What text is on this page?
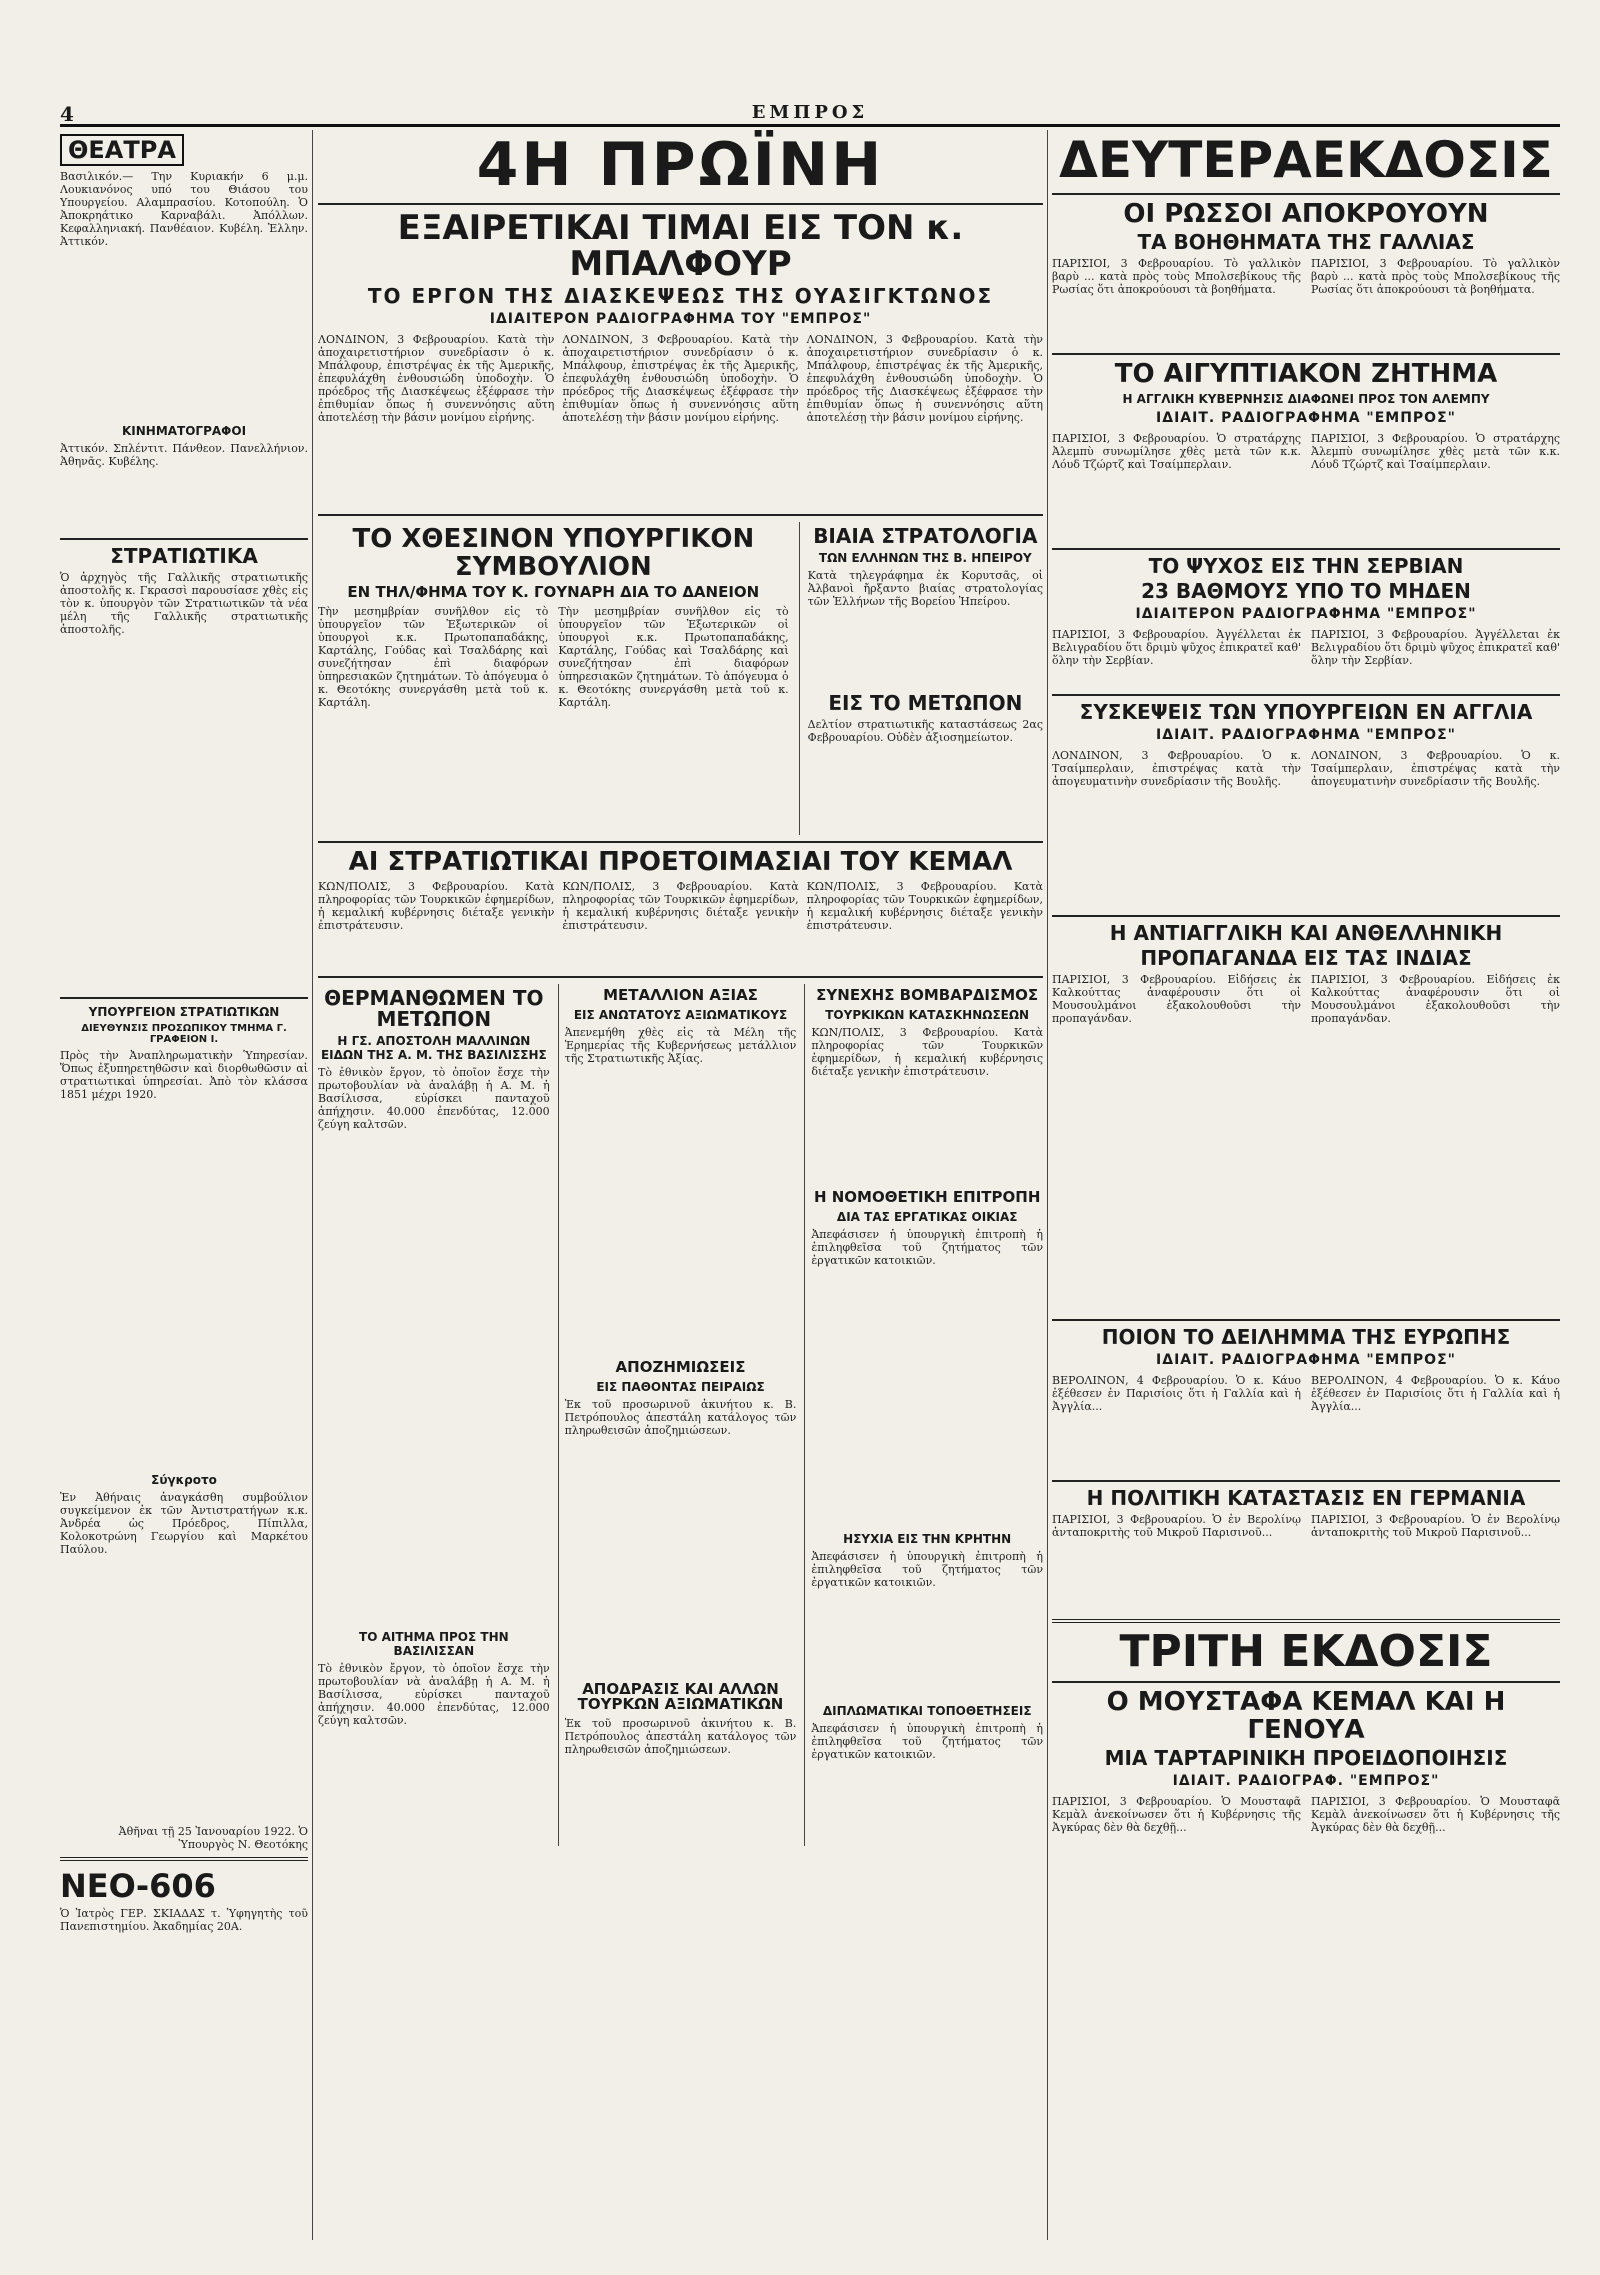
4	ΕΜΠΡΟΣ
ΘΕΑΤΡΑ

Βασιλικόν.— Την Κυριακήν 6 μ.μ. Λουκιανόνος υπό του Θιάσου του Υπουργείου. Αλαμπρασίου. Κοτοπούλη. Ὁ Ἀποκρηάτικο Καρναβάλι. Ἀπόλλων. Κεφαλληνιακή. Πανθέαιον. Κυβέλη. Ἐλλην. Ἀττικόν.

ΚΙΝΗΜΑΤΟΓΡΑΦΟΙ

Ἀττικόν. Σπλέντιτ. Πάνθεον. Πανελλήνιον. Ἀθηνᾶς. Κυβέλης.

ΣΤΡΑΤΙΩΤΙΚΑ

Ὁ ἀρχηγὸς τῆς Γαλλικῆς στρατιωτικῆς ἀποστολῆς κ. Γκρασσὶ παρουσίασε χθὲς εἰς τὸν κ. ὑπουργὸν τῶν Στρατιωτικῶν τὰ νέα μέλη τῆς Γαλλικῆς στρατιωτικῆς ἀποστολῆς.

ΥΠΟΥΡΓΕΙΟΝ ΣΤΡΑΤΙΩΤΙΚΩΝ
ΔΙΕΥΘΥΝΣΙΣ ΠΡΟΣΩΠΙΚΟΥ ΤΜΗΜΑ Γ. ΓΡΑΦΕΙΟΝ Ι.

Πρὸς τὴν Ἀναπληρωματικὴν Ὑπηρεσίαν. Ὅπως ἐξυπηρετηθῶσιν καὶ διορθωθῶσιν αἱ στρατιωτικαὶ ὑπηρεσίαι. Ἀπὸ τὸν κλάσσα 1851 μέχρι 1920.

Σύγκροτο

Ἐν Ἀθήναις ἀναγκάσθη συμβούλιον συγκείμενον ἐκ τῶν Ἀντιστρατήγων κ.κ. Ἀνδρέα ὡς Πρόεδρος, Πίπιλλα, Κολοκοτρώνη Γεωργίου καὶ Μαρκέτου Παύλου.

Ἀθῆναι τῇ 25 Ἰανουαρίου 1922. Ὁ Ὑπουργὸς Ν. Θεοτόκης

ΝΕΟ-606

Ὁ Ἰατρὸς ΓΕΡ. ΣΚΙΑΔΑΣ τ. Ὑφηγητὴς τοῦ Πανεπιστημίου. Ἀκαδημίας 20Α.

4Η ΠΡΩΪΝΗ
ΕΞΑΙΡΕΤΙΚΑΙ ΤΙΜΑΙ ΕΙΣ ΤΟΝ κ. ΜΠΑΛΦΟΥΡ
ΤΟ ΕΡΓΟΝ ΤΗΣ ΔΙΑΣΚΕΨΕΩΣ ΤΗΣ ΟΥΑΣΙΓΚΤΩΝΟΣ
ΙΔΙΑΙΤΕΡΟΝ ΡΑΔΙΟΓΡΑΦΗΜΑ ΤΟΥ "ΕΜΠΡΟΣ"

ΛΟΝΔΙΝΟΝ, 3 Φεβρουαρίου. Κατὰ τὴν ἀποχαιρετιστήριον συνεδρίασιν ὁ κ. Μπάλφουρ, ἐπιστρέψας ἐκ τῆς Ἀμερικῆς, ἐπεφυλάχθη ἐνθουσιώδη ὑποδοχὴν. Ὁ πρόεδρος τῆς Διασκέψεως ἐξέφρασε τὴν ἐπιθυμίαν ὅπως ἡ συνεννόησις αὕτη ἀποτελέσῃ τὴν βάσιν μονίμου εἰρήνης.

ΛΟΝΔΙΝΟΝ, 3 Φεβρουαρίου. Κατὰ τὴν ἀποχαιρετιστήριον συνεδρίασιν ὁ κ. Μπάλφουρ, ἐπιστρέψας ἐκ τῆς Ἀμερικῆς, ἐπεφυλάχθη ἐνθουσιώδη ὑποδοχὴν. Ὁ πρόεδρος τῆς Διασκέψεως ἐξέφρασε τὴν ἐπιθυμίαν ὅπως ἡ συνεννόησις αὕτη ἀποτελέσῃ τὴν βάσιν μονίμου εἰρήνης.

ΛΟΝΔΙΝΟΝ, 3 Φεβρουαρίου. Κατὰ τὴν ἀποχαιρετιστήριον συνεδρίασιν ὁ κ. Μπάλφουρ, ἐπιστρέψας ἐκ τῆς Ἀμερικῆς, ἐπεφυλάχθη ἐνθουσιώδη ὑποδοχὴν. Ὁ πρόεδρος τῆς Διασκέψεως ἐξέφρασε τὴν ἐπιθυμίαν ὅπως ἡ συνεννόησις αὕτη ἀποτελέσῃ τὴν βάσιν μονίμου εἰρήνης.

ΤΟ ΧΘΕΣΙΝΟΝ ΥΠΟΥΡΓΙΚΟΝ ΣΥΜΒΟΥΛΙΟΝ
ΕΝ ΤΗΛ/ΦΗΜΑ ΤΟΥ Κ. ΓΟΥΝΑΡΗ ΔΙΑ ΤΟ ΔΑΝΕΙΟΝ

Τὴν μεσημβρίαν συνῆλθον εἰς τὸ ὑπουργεῖον τῶν Ἐξωτερικῶν οἱ ὑπουργοὶ κ.κ. Πρωτοπαπαδάκης, Καρτάλης, Γούδας καὶ Τσαλδάρης καὶ συνεζήτησαν ἐπὶ διαφόρων ὑπηρεσιακῶν ζητημάτων. Τὸ ἀπόγευμα ὁ κ. Θεοτόκης συνεργάσθη μετὰ τοῦ κ. Καρτάλη.

Τὴν μεσημβρίαν συνῆλθον εἰς τὸ ὑπουργεῖον τῶν Ἐξωτερικῶν οἱ ὑπουργοὶ κ.κ. Πρωτοπαπαδάκης, Καρτάλης, Γούδας καὶ Τσαλδάρης καὶ συνεζήτησαν ἐπὶ διαφόρων ὑπηρεσιακῶν ζητημάτων. Τὸ ἀπόγευμα ὁ κ. Θεοτόκης συνεργάσθη μετὰ τοῦ κ. Καρτάλη.

ΒΙΑΙΑ ΣΤΡΑΤΟΛΟΓΙΑ
ΤΩΝ ΕΛΛΗΝΩΝ ΤΗΣ Β. ΗΠΕΙΡΟΥ

Κατὰ τηλεγράφημα ἐκ Κορυτσᾶς, οἱ Ἀλβανοὶ ἤρξαντο βιαίας στρατολογίας τῶν Ἑλλήνων τῆς Βορείου Ἠπείρου.

ΕΙΣ ΤΟ ΜΕΤΩΠΟΝ

Δελτίον στρατιωτικῆς καταστάσεως 2ας Φεβρουαρίου. Οὐδὲν ἀξιοσημείωτον.

ΑΙ ΣΤΡΑΤΙΩΤΙΚΑΙ ΠΡΟΕΤΟΙΜΑΣΙΑΙ ΤΟΥ ΚΕΜΑΛ

ΚΩΝ/ΠΟΛΙΣ, 3 Φεβρουαρίου. Κατὰ πληροφορίας τῶν Τουρκικῶν ἐφημερίδων, ἡ κεμαλική κυβέρνησις διέταξε γενικὴν ἐπιστράτευσιν.

ΚΩΝ/ΠΟΛΙΣ, 3 Φεβρουαρίου. Κατὰ πληροφορίας τῶν Τουρκικῶν ἐφημερίδων, ἡ κεμαλική κυβέρνησις διέταξε γενικὴν ἐπιστράτευσιν.

ΚΩΝ/ΠΟΛΙΣ, 3 Φεβρουαρίου. Κατὰ πληροφορίας τῶν Τουρκικῶν ἐφημερίδων, ἡ κεμαλική κυβέρνησις διέταξε γενικὴν ἐπιστράτευσιν.

ΘΕΡΜΑΝΘΩΜΕΝ ΤΟ ΜΕΤΩΠΟΝ
Η ΓΣ. ΑΠΟΣΤΟΛΗ ΜΑΛΛΙΝΩΝ ΕΙΔΩΝ ΤΗΣ Α. Μ. ΤΗΣ ΒΑΣΙΛΙΣΣΗΣ

Τὸ ἐθνικὸν ἔργον, τὸ ὁποῖον ἔσχε τὴν πρωτοβουλίαν νὰ ἀναλάβῃ ἡ Α. Μ. ἡ Βασίλισσα, εὑρίσκει πανταχοῦ ἀπήχησιν. 40.000 ἐπενδύτας, 12.000 ζεύγη καλτσῶν.

ΤΟ ΑΙΤΗΜΑ ΠΡΟΣ ΤΗΝ ΒΑΣΙΛΙΣΣΑΝ

Τὸ ἐθνικὸν ἔργον, τὸ ὁποῖον ἔσχε τὴν πρωτοβουλίαν νὰ ἀναλάβῃ ἡ Α. Μ. ἡ Βασίλισσα, εὑρίσκει πανταχοῦ ἀπήχησιν. 40.000 ἐπενδύτας, 12.000 ζεύγη καλτσῶν.

ΜΕΤΑΛΛΙΟΝ ΑΞΙΑΣ
ΕΙΣ ΑΝΩΤΑΤΟΥΣ ΑΞΙΩΜΑΤΙΚΟΥΣ

Ἀπενεμήθη χθὲς εἰς τὰ Μέλη τῆς Ἐρημερίας τῆς Κυβερνήσεως μετάλλιον τῆς Στρατιωτικῆς Ἀξίας.

ΑΠΟΖΗΜΙΩΣΕΙΣ
ΕΙΣ ΠΑΘΟΝΤΑΣ ΠΕΙΡΑΙΩΣ

Ἐκ τοῦ προσωρινοῦ ἀκινήτου κ. Β. Πετρόπουλος ἀπεστάλη κατάλογος τῶν πληρωθεισῶν ἀποζημιώσεων.

ΑΠΟΔΡΑΣΙΣ ΚΑΙ ΑΛΛΩΝ ΤΟΥΡΚΩΝ ΑΞΙΩΜΑΤΙΚΩΝ

Ἐκ τοῦ προσωρινοῦ ἀκινήτου κ. Β. Πετρόπουλος ἀπεστάλη κατάλογος τῶν πληρωθεισῶν ἀποζημιώσεων.

ΣΥΝΕΧΗΣ ΒΟΜΒΑΡΔΙΣΜΟΣ
ΤΟΥΡΚΙΚΩΝ ΚΑΤΑΣΚΗΝΩΣΕΩΝ

ΚΩΝ/ΠΟΛΙΣ, 3 Φεβρουαρίου. Κατὰ πληροφορίας τῶν Τουρκικῶν ἐφημερίδων, ἡ κεμαλική κυβέρνησις διέταξε γενικὴν ἐπιστράτευσιν.

Η ΝΟΜΟΘΕΤΙΚΗ ΕΠΙΤΡΟΠΗ
ΔΙΑ ΤΑΣ ΕΡΓΑΤΙΚΑΣ ΟΙΚΙΑΣ

Ἀπεφάσισεν ἡ ὑπουργικὴ ἐπιτροπὴ ἡ ἐπιληφθεῖσα τοῦ ζητήματος τῶν ἐργατικῶν κατοικιῶν.

ΗΣΥΧΙΑ ΕΙΣ ΤΗΝ ΚΡΗΤΗΝ

Ἀπεφάσισεν ἡ ὑπουργικὴ ἐπιτροπὴ ἡ ἐπιληφθεῖσα τοῦ ζητήματος τῶν ἐργατικῶν κατοικιῶν.

ΔΙΠΛΩΜΑΤΙΚΑΙ ΤΟΠΟΘΕΤΗΣΕΙΣ

Ἀπεφάσισεν ἡ ὑπουργικὴ ἐπιτροπὴ ἡ ἐπιληφθεῖσα τοῦ ζητήματος τῶν ἐργατικῶν κατοικιῶν.

ΔΕΥΤΕΡΑΕΚΔΟΣΙΣ
ΟΙ ΡΩΣΣΟΙ ΑΠΟΚΡΟΥΟΥΝ
ΤΑ ΒΟΗΘΗΜΑΤΑ ΤΗΣ ΓΑΛΛΙΑΣ

ΠΑΡΙΣΙΟΙ, 3 Φεβρουαρίου. Τὸ γαλλικὸν βαρὺ ... κατὰ πρὸς τοὺς Μπολσεβίκους τῆς Ρωσίας ὅτι ἀποκρούουσι τὰ βοηθήματα.

ΠΑΡΙΣΙΟΙ, 3 Φεβρουαρίου. Τὸ γαλλικὸν βαρὺ ... κατὰ πρὸς τοὺς Μπολσεβίκους τῆς Ρωσίας ὅτι ἀποκρούουσι τὰ βοηθήματα.

ΤΟ ΑΙΓΥΠΤΙΑΚΟΝ ΖΗΤΗΜΑ
Η ΑΓΓΛΙΚΗ ΚΥΒΕΡΝΗΣΙΣ ΔΙΑΦΩΝΕΙ ΠΡΟΣ ΤΟΝ ΑΛΕΜΠΥ
ΙΔΙΑΙΤ. ΡΑΔΙΟΓΡΑΦΗΜΑ "ΕΜΠΡΟΣ"

ΠΑΡΙΣΙΟΙ, 3 Φεβρουαρίου. Ὁ στρατάρχης Ἀλεμπὺ συνωμίλησε χθὲς μετὰ τῶν κ.κ. Λόυδ Τζώρτζ καὶ Τσαίμπερλαιν.

ΠΑΡΙΣΙΟΙ, 3 Φεβρουαρίου. Ὁ στρατάρχης Ἀλεμπὺ συνωμίλησε χθὲς μετὰ τῶν κ.κ. Λόυδ Τζώρτζ καὶ Τσαίμπερλαιν.

ΤΟ ΨΥΧΟΣ ΕΙΣ ΤΗΝ ΣΕΡΒΙΑΝ
23 ΒΑΘΜΟΥΣ ΥΠΟ ΤΟ ΜΗΔΕΝ
ΙΔΙΑΙΤΕΡΟΝ ΡΑΔΙΟΓΡΑΦΗΜΑ "ΕΜΠΡΟΣ"

ΠΑΡΙΣΙΟΙ, 3 Φεβρουαρίου. Ἀγγέλλεται ἐκ Βελιγραδίου ὅτι δριμὺ ψῦχος ἐπικρατεῖ καθ' ὅλην τὴν Σερβίαν.

ΠΑΡΙΣΙΟΙ, 3 Φεβρουαρίου. Ἀγγέλλεται ἐκ Βελιγραδίου ὅτι δριμὺ ψῦχος ἐπικρατεῖ καθ' ὅλην τὴν Σερβίαν.

ΣΥΣΚΕΨΕΙΣ ΤΩΝ ΥΠΟΥΡΓΕΙΩΝ ΕΝ ΑΓΓΛΙΑ
ΙΔΙΑΙΤ. ΡΑΔΙΟΓΡΑΦΗΜΑ "ΕΜΠΡΟΣ"

ΛΟΝΔΙΝΟΝ, 3 Φεβρουαρίου. Ὁ κ. Τσαίμπερλαιν, ἐπιστρέψας κατὰ τὴν ἀπογευματινὴν συνεδρίασιν τῆς Βουλῆς.

ΛΟΝΔΙΝΟΝ, 3 Φεβρουαρίου. Ὁ κ. Τσαίμπερλαιν, ἐπιστρέψας κατὰ τὴν ἀπογευματινὴν συνεδρίασιν τῆς Βουλῆς.

Η ΑΝΤΙΑΓΓΛΙΚΗ ΚΑΙ ΑΝΘΕΛΛΗΝΙΚΗ
ΠΡΟΠΑΓΑΝΔΑ ΕΙΣ ΤΑΣ ΙΝΔΙΑΣ

ΠΑΡΙΣΙΟΙ, 3 Φεβρουαρίου. Εἰδήσεις ἐκ Καλκούττας ἀναφέρουσιν ὅτι οἱ Μουσουλμάνοι ἐξακολουθοῦσι τὴν προπαγάνδαν.

ΠΑΡΙΣΙΟΙ, 3 Φεβρουαρίου. Εἰδήσεις ἐκ Καλκούττας ἀναφέρουσιν ὅτι οἱ Μουσουλμάνοι ἐξακολουθοῦσι τὴν προπαγάνδαν.

ΠΟΙΟΝ ΤΟ ΔΕΙΛΗΜΜΑ ΤΗΣ ΕΥΡΩΠΗΣ
ΙΔΙΑΙΤ. ΡΑΔΙΟΓΡΑΦΗΜΑ "ΕΜΠΡΟΣ"

ΒΕΡΟΛΙΝΟΝ, 4 Φεβρουαρίου. Ὁ κ. Κάυο ἐξέθεσεν ἐν Παρισίοις ὅτι ἡ Γαλλία καὶ ἡ Ἀγγλία...

ΒΕΡΟΛΙΝΟΝ, 4 Φεβρουαρίου. Ὁ κ. Κάυο ἐξέθεσεν ἐν Παρισίοις ὅτι ἡ Γαλλία καὶ ἡ Ἀγγλία...

Η ΠΟΛΙΤΙΚΗ ΚΑΤΑΣΤΑΣΙΣ ΕΝ ΓΕΡΜΑΝΙΑ

ΠΑΡΙΣΙΟΙ, 3 Φεβρουαρίου. Ὁ ἐν Βερολίνῳ ἀνταποκριτὴς τοῦ Μικροῦ Παρισινοῦ...

ΠΑΡΙΣΙΟΙ, 3 Φεβρουαρίου. Ὁ ἐν Βερολίνῳ ἀνταποκριτὴς τοῦ Μικροῦ Παρισινοῦ...

ΤΡΙΤΗ ΕΚΔΟΣΙΣ
Ο ΜΟΥΣΤΑΦΑ ΚΕΜΑΛ ΚΑΙ Η ΓΕΝΟΥΑ
ΜΙΑ ΤΑΡΤΑΡΙΝΙΚΗ ΠΡΟΕΙΔΟΠΟΙΗΣΙΣ
ΙΔΙΑΙΤ. ΡΑΔΙΟΓΡΑΦ. "ΕΜΠΡΟΣ"

ΠΑΡΙΣΙΟΙ, 3 Φεβρουαρίου. Ὁ Μουσταφᾶ Κεμὰλ ἀνεκοίνωσεν ὅτι ἡ Κυβέρνησις τῆς Ἀγκύρας δὲν θὰ δεχθῇ...

ΠΑΡΙΣΙΟΙ, 3 Φεβρουαρίου. Ὁ Μουσταφᾶ Κεμὰλ ἀνεκοίνωσεν ὅτι ἡ Κυβέρνησις τῆς Ἀγκύρας δὲν θὰ δεχθῇ...
